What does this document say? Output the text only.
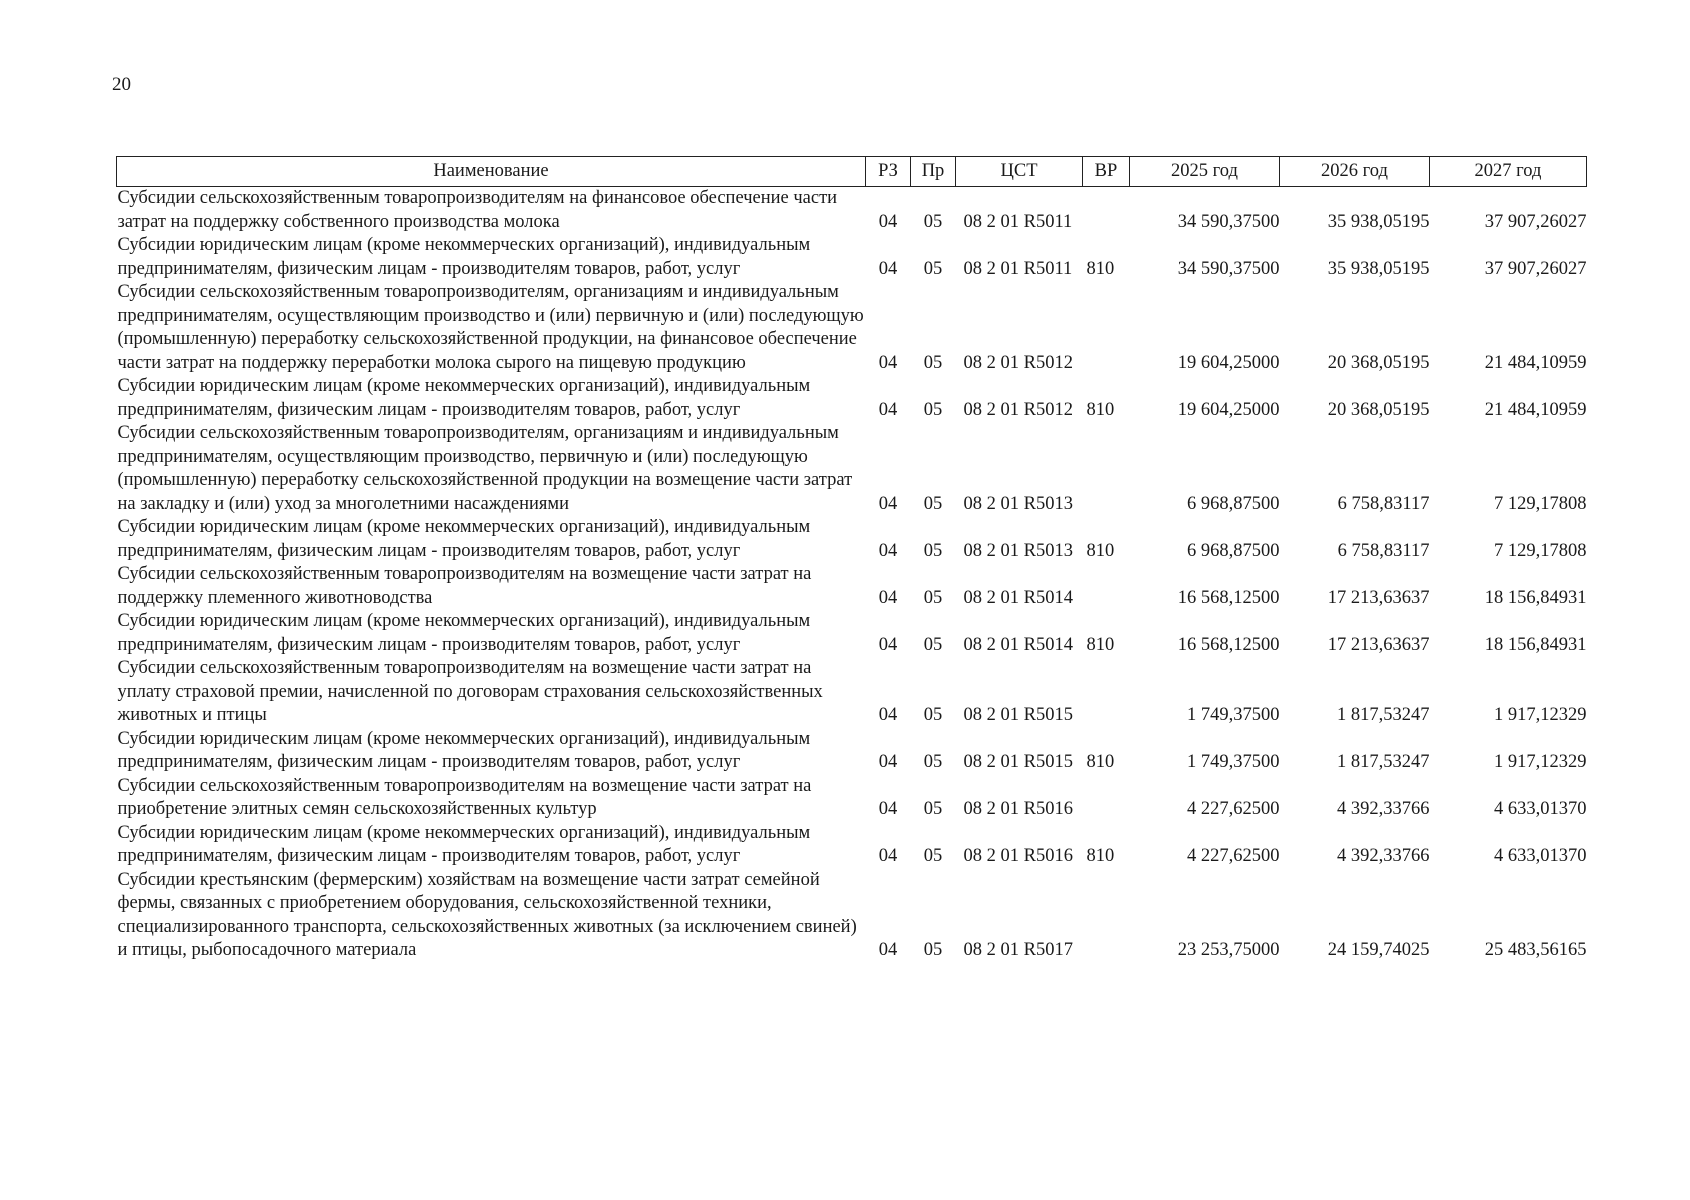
20
Наименование	РЗ	Пр	ЦСТ	ВР	2025 год	2026 год	2027 год
Субсидии сельскохозяйственным товаропроизводителям на финансовое обеспечение части затрат на поддержку собственного производства молока	04	05	08 2 01 R5011		34 590,37500	35 938,05195	37 907,26027
Субсидии юридическим лицам (кроме некоммерческих организаций), индивидуальным предпринимателям, физическим лицам - производителям товаров, работ, услуг	04	05	08 2 01 R5011	810	34 590,37500	35 938,05195	37 907,26027
Субсидии сельскохозяйственным товаропроизводителям, организациям и индивидуальным предпринимателям, осуществляющим производство и (или) первичную и (или) последующую (промышленную) переработку сельскохозяйственной продукции, на финансовое обеспечение части затрат на поддержку переработки молока сырого на пищевую продукцию	04	05	08 2 01 R5012		19 604,25000	20 368,05195	21 484,10959
Субсидии юридическим лицам (кроме некоммерческих организаций), индивидуальным предпринимателям, физическим лицам - производителям товаров, работ, услуг	04	05	08 2 01 R5012	810	19 604,25000	20 368,05195	21 484,10959
Субсидии сельскохозяйственным товаропроизводителям, организациям и индивидуальным предпринимателям, осуществляющим производство, первичную и (или) последующую (промышленную) переработку сельскохозяйственной продукции на возмещение части затрат на закладку и (или) уход за многолетними насаждениями	04	05	08 2 01 R5013		6 968,87500	6 758,83117	7 129,17808
Субсидии юридическим лицам (кроме некоммерческих организаций), индивидуальным предпринимателям, физическим лицам - производителям товаров, работ, услуг	04	05	08 2 01 R5013	810	6 968,87500	6 758,83117	7 129,17808
Субсидии сельскохозяйственным товаропроизводителям на возмещение части затрат на поддержку племенного животноводства	04	05	08 2 01 R5014		16 568,12500	17 213,63637	18 156,84931
Субсидии юридическим лицам (кроме некоммерческих организаций), индивидуальным предпринимателям, физическим лицам - производителям товаров, работ, услуг	04	05	08 2 01 R5014	810	16 568,12500	17 213,63637	18 156,84931
Субсидии сельскохозяйственным товаропроизводителям на возмещение части затрат на уплату страховой премии, начисленной по договорам страхования сельскохозяйственных животных и птицы	04	05	08 2 01 R5015		1 749,37500	1 817,53247	1 917,12329
Субсидии юридическим лицам (кроме некоммерческих организаций), индивидуальным предпринимателям, физическим лицам - производителям товаров, работ, услуг	04	05	08 2 01 R5015	810	1 749,37500	1 817,53247	1 917,12329
Субсидии сельскохозяйственным товаропроизводителям на возмещение части затрат на приобретение элитных семян сельскохозяйственных культур	04	05	08 2 01 R5016		4 227,62500	4 392,33766	4 633,01370
Субсидии юридическим лицам (кроме некоммерческих организаций), индивидуальным предпринимателям, физическим лицам - производителям товаров, работ, услуг	04	05	08 2 01 R5016	810	4 227,62500	4 392,33766	4 633,01370
Субсидии крестьянским (фермерским) хозяйствам на возмещение части затрат семейной фермы, связанных с приобретением оборудования, сельскохозяйственной техники, специализированного транспорта, сельскохозяйственных животных (за исключением свиней) и птицы, рыбопосадочного материала	04	05	08 2 01 R5017		23 253,75000	24 159,74025	25 483,56165
